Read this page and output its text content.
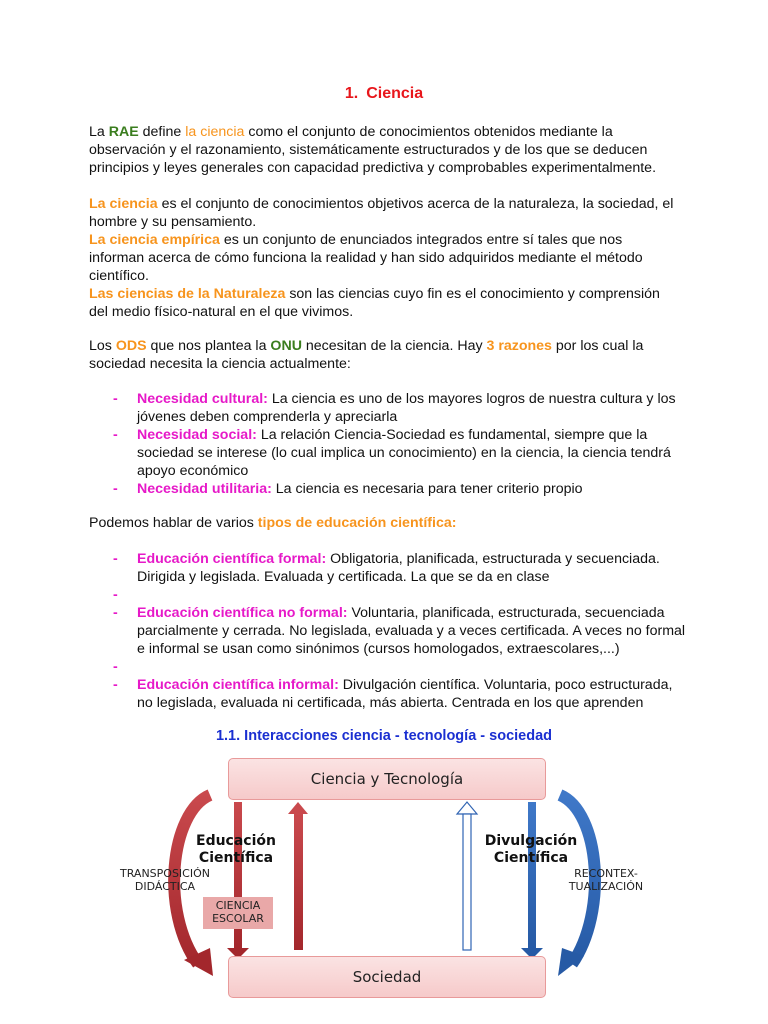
1. Ciencia
La RAE define la ciencia como el conjunto de conocimientos obtenidos mediante la observación y el razonamiento, sistemáticamente estructurados y de los que se deducen principios y leyes generales con capacidad predictiva y comprobables experimentalmente.
La ciencia es el conjunto de conocimientos objetivos acerca de la naturaleza, la sociedad, el hombre y su pensamiento.
La ciencia empírica es un conjunto de enunciados integrados entre sí tales que nos informan acerca de cómo funciona la realidad y han sido adquiridos mediante el método científico.
Las ciencias de la Naturaleza son las ciencias cuyo fin es el conocimiento y comprensión del medio físico-natural en el que vivimos.
Los ODS que nos plantea la ONU necesitan de la ciencia. Hay 3 razones por los cual la sociedad necesita la ciencia actualmente:
- Necesidad cultural: La ciencia es uno de los mayores logros de nuestra cultura y los jóvenes deben comprenderla y apreciarla
- Necesidad social: La relación Ciencia-Sociedad es fundamental, siempre que la sociedad se interese (lo cual implica un conocimiento) en la ciencia, la ciencia tendrá apoyo económico
- Necesidad utilitaria: La ciencia es necesaria para tener criterio propio
Podemos hablar de varios tipos de educación científica:
- Educación científica formal: Obligatoria, planificada, estructurada y secuenciada. Dirigida y legislada. Evaluada y certificada. La que se da en clase
-
- Educación científica no formal: Voluntaria, planificada, estructurada, secuenciada parcialmente y cerrada. No legislada, evaluada y a veces certificada. A veces no formal e informal se usan como sinónimos (cursos homologados, extraescolares,...)
-
- Educación científica informal: Divulgación científica. Voluntaria, poco estructurada, no legislada, evaluada ni certificada, más abierta. Centrada en los que aprenden
1.1. Interacciones ciencia - tecnología - sociedad
Ciencia y Tecnología
Sociedad
Educación
Científica
Divulgación
Científica
TRANSPOSICIÓN
DIDÁCTICA
RECONTEX-
TUALIZACIÓN
CIENCIA
ESCOLAR
